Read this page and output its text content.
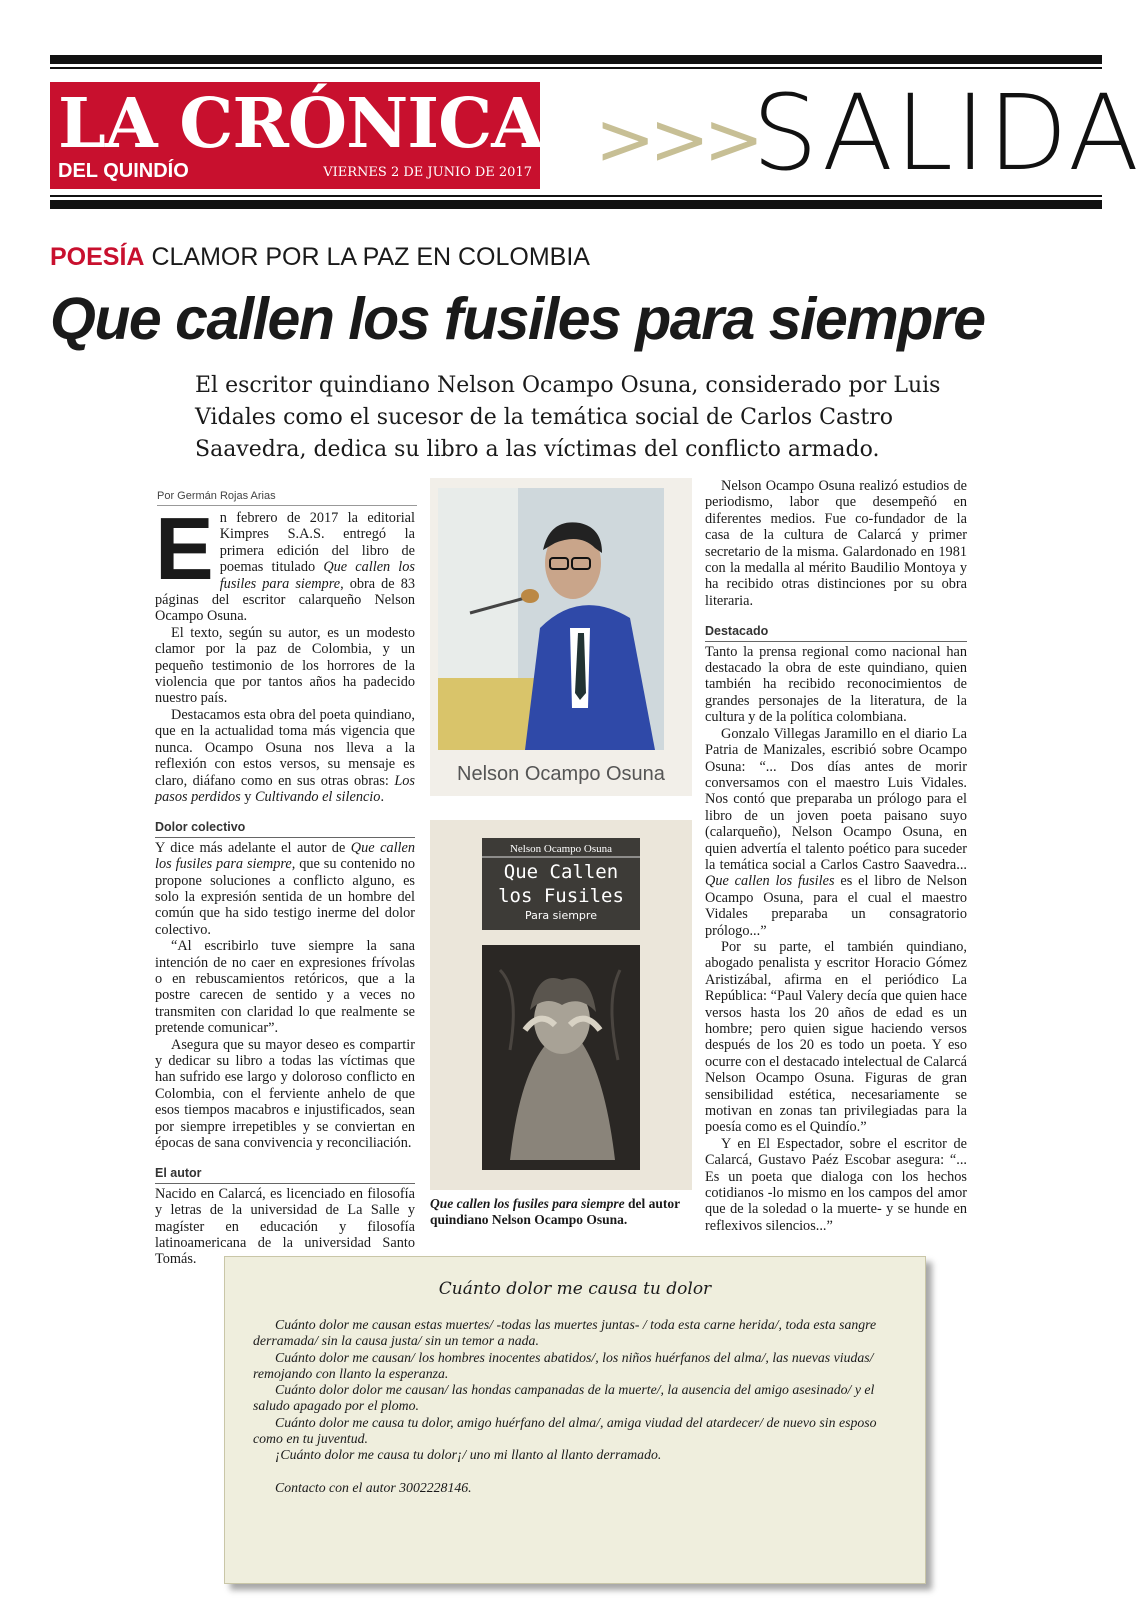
LA CRÓNICA
DEL QUINDÍO	VIERNES 2 DE JUNIO DE 2017 >>>
SALIDA
POESÍA CLAMOR POR LA PAZ EN COLOMBIA
Que callen los fusiles para siempre
El escritor quindiano Nelson Ocampo Osuna, considerado por Luis Vidales como el sucesor de la temática social de Carlos Castro Saavedra, dedica su libro a las víctimas del conflicto armado.
Por Germán Rojas Arias
E n febrero de 2017 la editorial Kimpres S.A.S. entregó la primera edición del libro de poemas titulado Que callen los fusiles para siempre, obra de 83 páginas del escritor calarqueño Nelson Ocampo Osuna.

El texto, según su autor, es un modesto clamor por la paz de Colombia, y un pequeño testimonio de los horrores de la violencia que por tantos años ha padecido nuestro país.

Destacamos esta obra del poeta quindiano, que en la actualidad toma más vigencia que nunca. Ocampo Osuna nos lleva a la reflexión con estos versos, su mensaje es claro, diáfano como en sus otras obras: Los pasos perdidos y Cultivando el silencio.

Dolor colectivo

Y dice más adelante el autor de Que callen los fusiles para siempre, que su contenido no propone soluciones a conflicto alguno, es solo la expresión sentida de un hombre del común que ha sido testigo inerme del dolor colectivo.

“Al escribirlo tuve siempre la sana intención de no caer en expresiones frívolas o en rebuscamientos retóricos, que a la postre carecen de sentido y a veces no transmiten con claridad lo que realmente se pretende comunicar”.

Asegura que su mayor deseo es compartir y dedicar su libro a todas las víctimas que han sufrido ese largo y doloroso conflicto en Colombia, con el ferviente anhelo de que esos tiempos macabros e injustificados, sean por siempre irrepetibles y se conviertan en épocas de sana convivencia y reconciliación.

El autor

Nacido en Calarcá, es licenciado en filosofía y letras de la universidad de La Salle y magíster en educación y filosofía latinoamericana de la universidad Santo Tomás.

Nelson Ocampo Osuna
Nelson Ocampo Osuna
Que Callen
los Fusiles
Para siempre
Que callen los fusiles para siempre del autor quindiano Nelson Ocampo Osuna.

Nelson Ocampo Osuna realizó estudios de periodismo, labor que desempeñó en diferentes medios. Fue co-fundador de la casa de la cultura de Calarcá y primer secretario de la misma. Galardonado en 1981 con la medalla al mérito Baudilio Montoya y ha recibido otras distinciones por su obra literaria.

Destacado

Tanto la prensa regional como nacional han destacado la obra de este quindiano, quien también ha recibido reconocimientos de grandes personajes de la literatura, de la cultura y de la política colombiana.

Gonzalo Villegas Jaramillo en el diario La Patria de Manizales, escribió sobre Ocampo Osuna: “... Dos días antes de morir conversamos con el maestro Luis Vidales. Nos contó que preparaba un prólogo para el libro de un joven poeta paisano suyo (calarqueño), Nelson Ocampo Osuna, en quien advertía el talento poético para suceder la temática social a Carlos Castro Saavedra... Que callen los fusiles es el libro de Nelson Ocampo Osuna, para el cual el maestro Vidales preparaba un consagratorio prólogo...”

Por su parte, el también quindiano, abogado penalista y escritor Horacio Gómez Aristizábal, afirma en el periódico La República: “Paul Valery decía que quien hace versos hasta los 20 años de edad es un hombre; pero quien sigue haciendo versos después de los 20 es todo un poeta. Y eso ocurre con el destacado intelectual de Calarcá Nelson Ocampo Osuna. Figuras de gran sensibilidad estética, necesariamente se motivan en zonas tan privilegiadas para la poesía como es el Quindío.”

Y en El Espectador, sobre el escritor de Calarcá, Gustavo Paéz Escobar asegura: “... Es un poeta que dialoga con los hechos cotidianos -lo mismo en los campos del amor que de la soledad o la muerte- y se hunde en reflexivos silencios...”

Cuánto dolor me causa tu dolor

Cuánto dolor me causan estas muertes/ -todas las muertes juntas- / toda esta carne herida/, toda esta sangre derramada/ sin la causa justa/ sin un temor a nada.

Cuánto dolor me causan/ los hombres inocentes abatidos/, los niños huérfanos del alma/, las nuevas viudas/ remojando con llanto la esperanza.

Cuánto dolor dolor me causan/ las hondas campanadas de la muerte/, la ausencia del amigo asesinado/ y el saludo apagado por el plomo.

Cuánto dolor me causa tu dolor, amigo huérfano del alma/, amiga viudad del atardecer/ de nuevo sin esposo como en tu juventud.

¡Cuánto dolor me causa tu dolor¡/ uno mi llanto al llanto derramado.

Contacto con el autor 3002228146.
